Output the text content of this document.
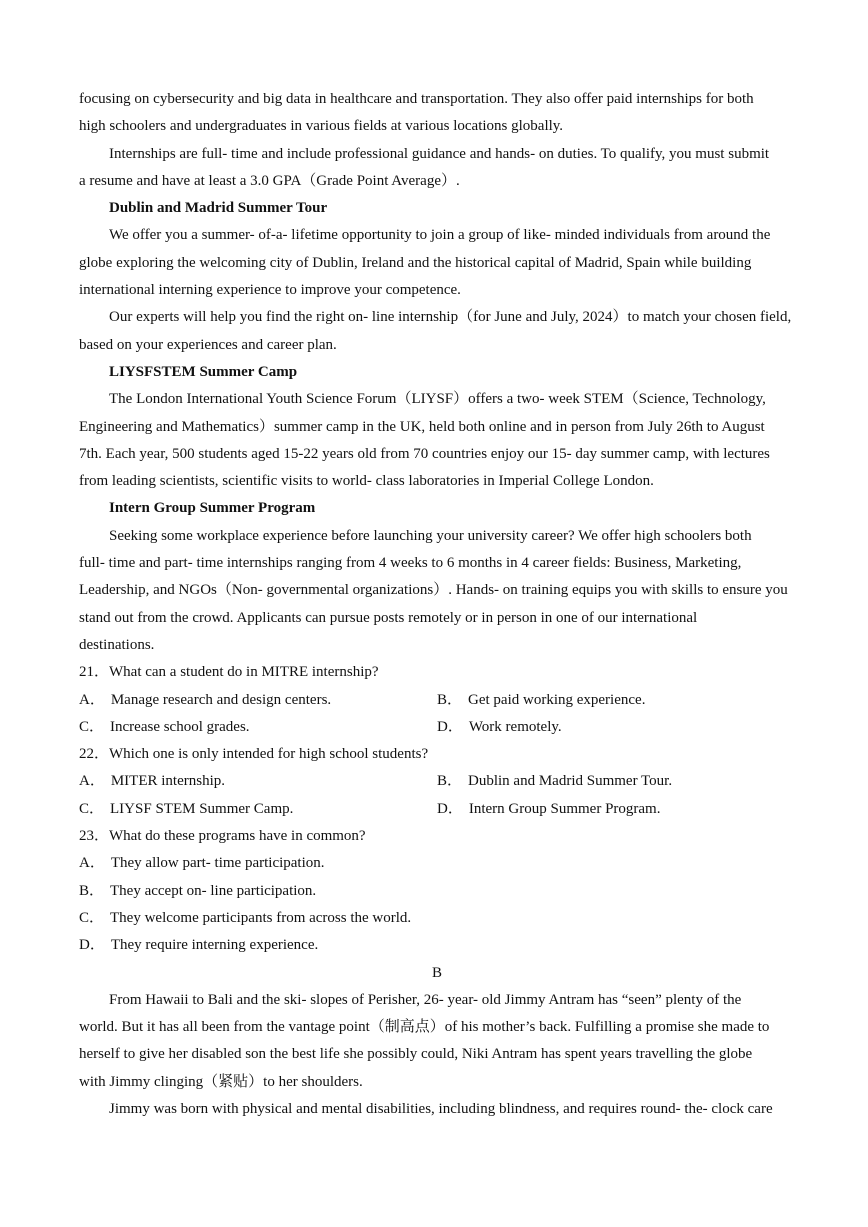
focusing on cybersecurity and big data in healthcare and transportation. They also offer paid internships for both
high schoolers and undergraduates in various fields at various locations globally.
Internships are full- time and include professional guidance and hands- on duties. To qualify, you must submit
a resume and have at least a 3.0 GPA（Grade Point Average）.
Dublin and Madrid Summer Tour
We offer you a summer- of-a- lifetime opportunity to join a group of like- minded individuals from around the
globe exploring the welcoming city of Dublin, Ireland and the historical capital of Madrid, Spain while building
international interning experience to improve your competence.
Our experts will help you find the right on- line internship（for June and July, 2024）to match your chosen field,
based on your experiences and career plan.
LIYSFSTEM Summer Camp
The London International Youth Science Forum（LIYSF）offers a two- week STEM（Science, Technology,
Engineering and Mathematics）summer camp in the UK, held both online and in person from July 26th to August
7th. Each year, 500 students aged 15-22 years old from 70 countries enjoy our 15- day summer camp, with lectures
from leading scientists, scientific visits to world- class laboratories in Imperial College London.
Intern Group Summer Program
Seeking some workplace experience before launching your university career? We offer high schoolers both
full- time and part- time internships ranging from 4 weeks to 6 months in 4 career fields: Business, Marketing,
Leadership, and NGOs（Non- governmental organizations）. Hands- on training equips you with skills to ensure you
stand out from the crowd. Applicants can pursue posts remotely or in person in one of our international
destinations.
21．What can a student do in MITRE internship?
A． Manage research and design centers.	B． Get paid working experience.
C． Increase school grades.	D． Work remotely.
22．Which one is only intended for high school students?
A． MITER internship.	B． Dublin and Madrid Summer Tour.
C． LIYSF STEM Summer Camp.	D． Intern Group Summer Program.
23．What do these programs have in common?
A． They allow part- time participation.
B． They accept on- line participation.
C． They welcome participants from across the world.
D． They require interning experience.
B
From Hawaii to Bali and the ski- slopes of Perisher, 26- year- old Jimmy Antram has “seen” plenty of the
world. But it has all been from the vantage point（制高点）of his mother’s back. Fulfilling a promise she made to
herself to give her disabled son the best life she possibly could, Niki Antram has spent years travelling the globe
with Jimmy clinging（紧贴）to her shoulders.
Jimmy was born with physical and mental disabilities, including blindness, and requires round- the- clock care
